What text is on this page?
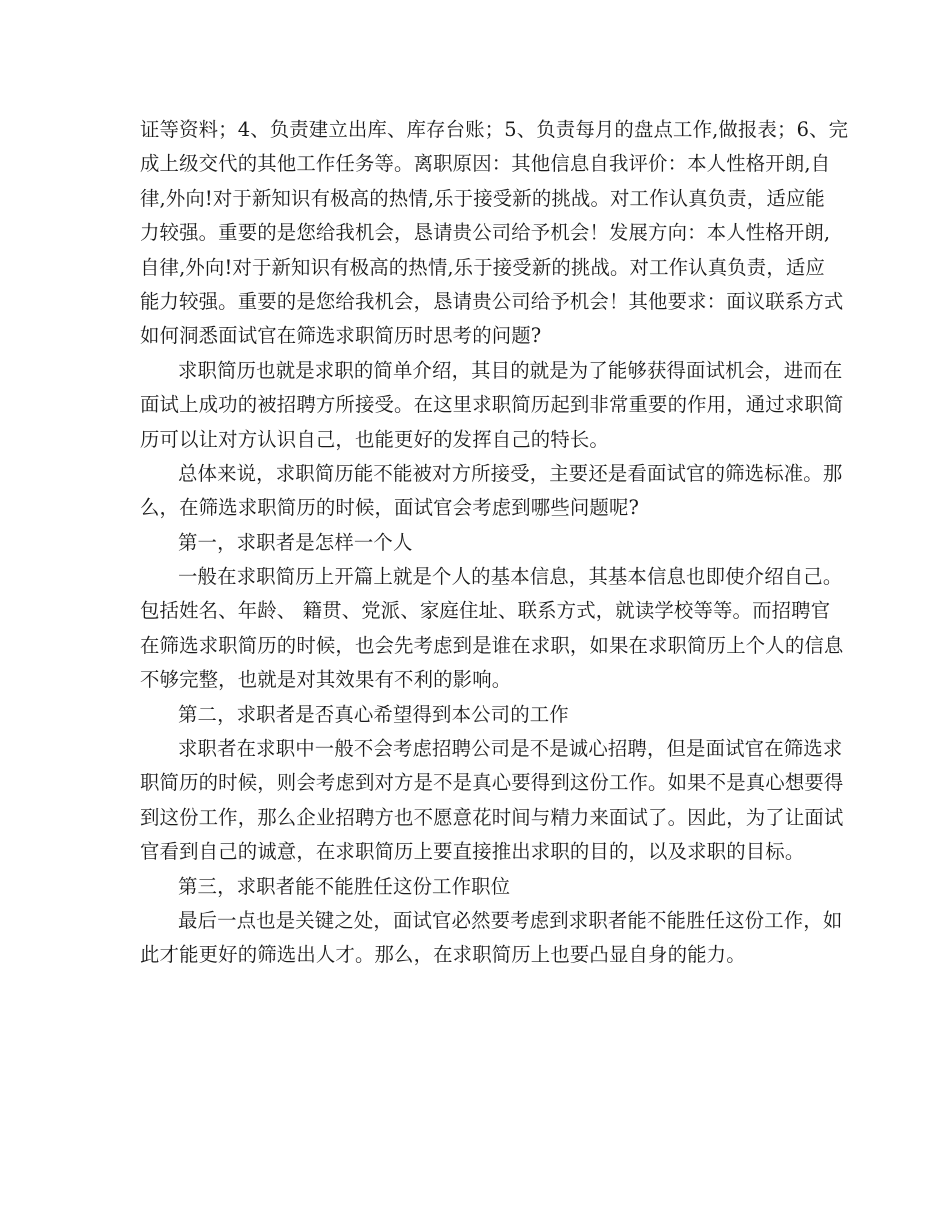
证等资料；4、负责建立出库、库存台账；5、负责每月的盘点工作,做报表；6、完
成上级交代的其他工作任务等。离职原因：其他信息自我评价：本人性格开朗,自
律,外向!对于新知识有极高的热情,乐于接受新的挑战。对工作认真负责，适应能
力较强。重要的是您给我机会，恳请贵公司给予机会！发展方向：本人性格开朗,
自律,外向!对于新知识有极高的热情,乐于接受新的挑战。对工作认真负责，适应
能力较强。重要的是您给我机会，恳请贵公司给予机会！其他要求：面议联系方式
如何洞悉面试官在筛选求职简历时思考的问题?
求职简历也就是求职的简单介绍，其目的就是为了能够获得面试机会，进而在
面试上成功的被招聘方所接受。在这里求职简历起到非常重要的作用，通过求职简
历可以让对方认识自己，也能更好的发挥自己的特长。
总体来说，求职简历能不能被对方所接受，主要还是看面试官的筛选标准。那
么，在筛选求职简历的时候，面试官会考虑到哪些问题呢?
第一，求职者是怎样一个人
一般在求职简历上开篇上就是个人的基本信息，其基本信息也即使介绍自己。
包括姓名、年龄、 籍贯、党派、家庭住址、联系方式，就读学校等等。而招聘官
在筛选求职简历的时候，也会先考虑到是谁在求职，如果在求职简历上个人的信息
不够完整，也就是对其效果有不利的影响。
第二，求职者是否真心希望得到本公司的工作
求职者在求职中一般不会考虑招聘公司是不是诚心招聘，但是面试官在筛选求
职简历的时候，则会考虑到对方是不是真心要得到这份工作。如果不是真心想要得
到这份工作，那么企业招聘方也不愿意花时间与精力来面试了。因此，为了让面试
官看到自己的诚意，在求职简历上要直接推出求职的目的，以及求职的目标。
第三，求职者能不能胜任这份工作职位
最后一点也是关键之处，面试官必然要考虑到求职者能不能胜任这份工作，如
此才能更好的筛选出人才。那么，在求职简历上也要凸显自身的能力。
